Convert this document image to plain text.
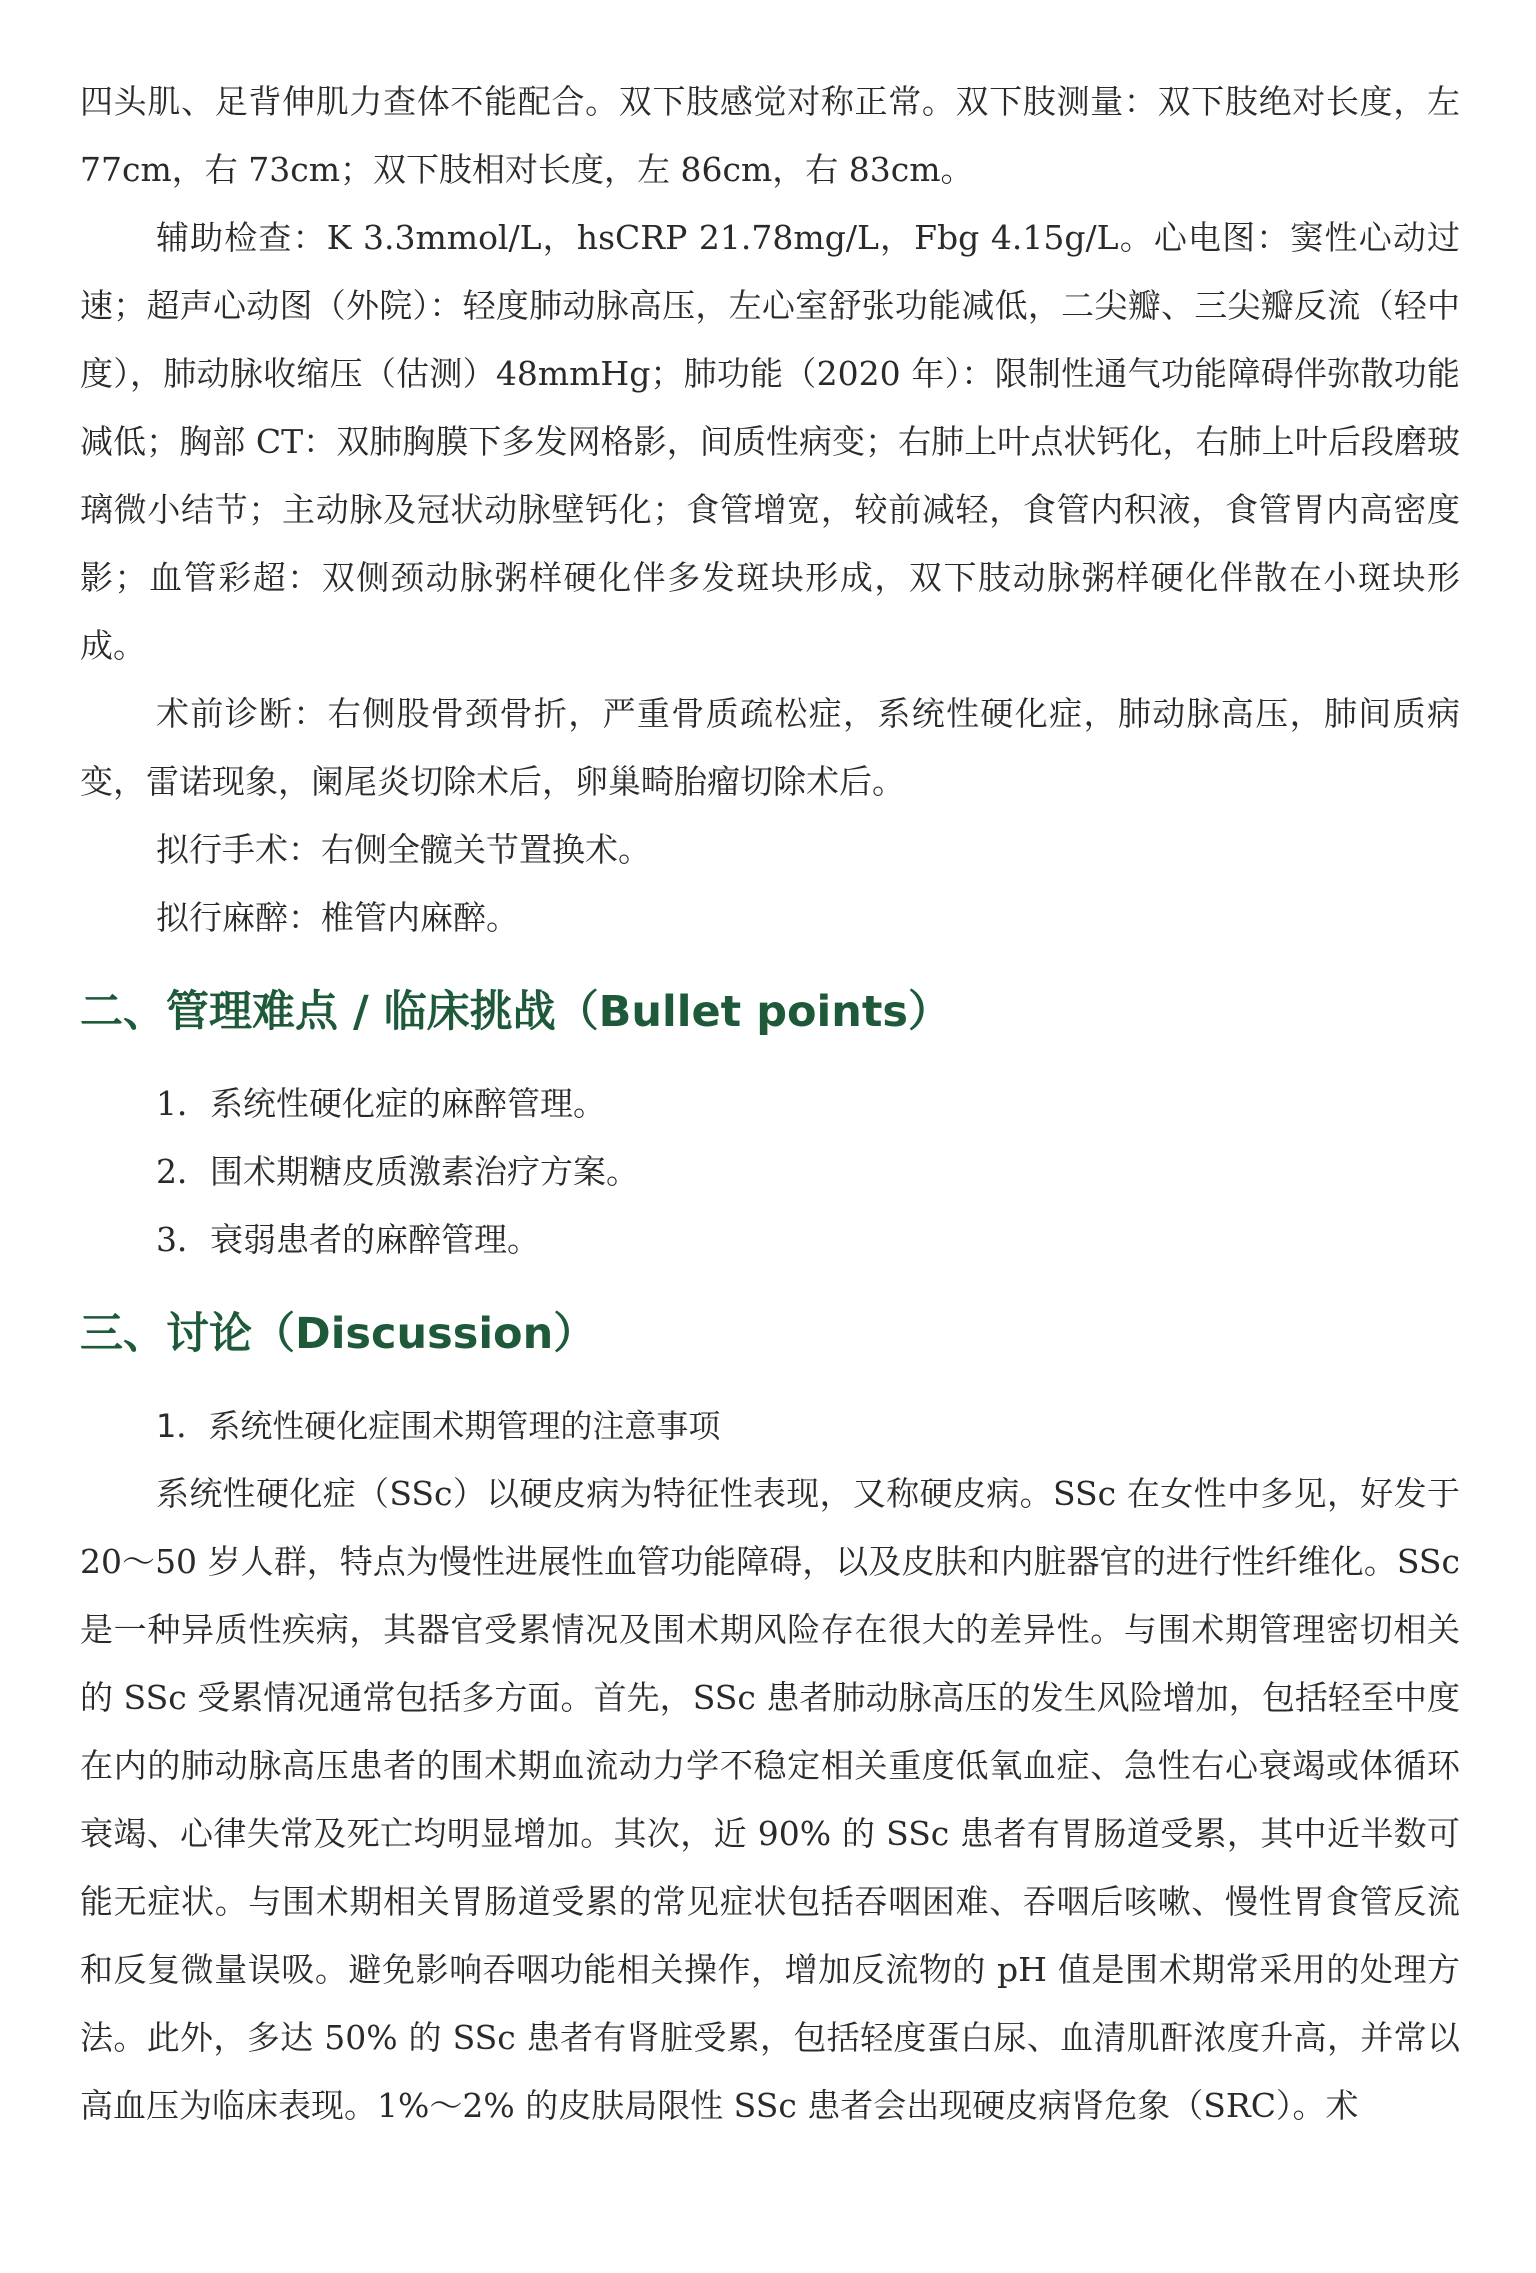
四头肌、足背伸肌力查体不能配合。双下肢感觉对称正常。双下肢测量：双下肢绝对长度，左 77cm，右 73cm；双下肢相对长度，左 86cm，右 83cm。

辅助检查：K 3.3mmol/L，hsCRP 21.78mg/L，Fbg 4.15g/L。心电图：窦性心动过速；超声心动图（外院）：轻度肺动脉高压，左心室舒张功能减低，二尖瓣、三尖瓣反流（轻中度），肺动脉收缩压（估测）48mmHg；肺功能（2020 年）：限制性通气功能障碍伴弥散功能减低；胸部 CT：双肺胸膜下多发网格影，间质性病变；右肺上叶点状钙化，右肺上叶后段磨玻璃微小结节；主动脉及冠状动脉壁钙化；食管增宽，较前减轻，食管内积液，食管胃内高密度影；血管彩超：双侧颈动脉粥样硬化伴多发斑块形成，双下肢动脉粥样硬化伴散在小斑块形成。

术前诊断：右侧股骨颈骨折，严重骨质疏松症，系统性硬化症，肺动脉高压，肺间质病变，雷诺现象，阑尾炎切除术后，卵巢畸胎瘤切除术后。

拟行手术：右侧全髋关节置换术。

拟行麻醉：椎管内麻醉。

二、管理难点 / 临床挑战（Bullet points）
1．系统性硬化症的麻醉管理。
2．围术期糖皮质激素治疗方案。
3．衰弱患者的麻醉管理。
三、讨论（Discussion）
1．系统性硬化症围术期管理的注意事项

系统性硬化症（SSc）以硬皮病为特征性表现，又称硬皮病。SSc 在女性中多见，好发于 20～50 岁人群，特点为慢性进展性血管功能障碍，以及皮肤和内脏器官的进行性纤维化。SSc 是一种异质性疾病，其器官受累情况及围术期风险存在很大的差异性。与围术期管理密切相关的 SSc 受累情况通常包括多方面。首先，SSc 患者肺动脉高压的发生风险增加，包括轻至中度在内的肺动脉高压患者的围术期血流动力学不稳定相关重度低氧血症、急性右心衰竭或体循环衰竭、心律失常及死亡均明显增加。其次，近 90% 的 SSc 患者有胃肠道受累，其中近半数可能无症状。与围术期相关胃肠道受累的常见症状包括吞咽困难、吞咽后咳嗽、慢性胃食管反流和反复微量误吸。避免影响吞咽功能相关操作，增加反流物的 pH 值是围术期常采用的处理方法。此外，多达 50% 的 SSc 患者有肾脏受累，包括轻度蛋白尿、血清肌酐浓度升高，并常以高血压为临床表现。1%～2% 的皮肤局限性 SSc 患者会出现硬皮病肾危象（SRC）。术
